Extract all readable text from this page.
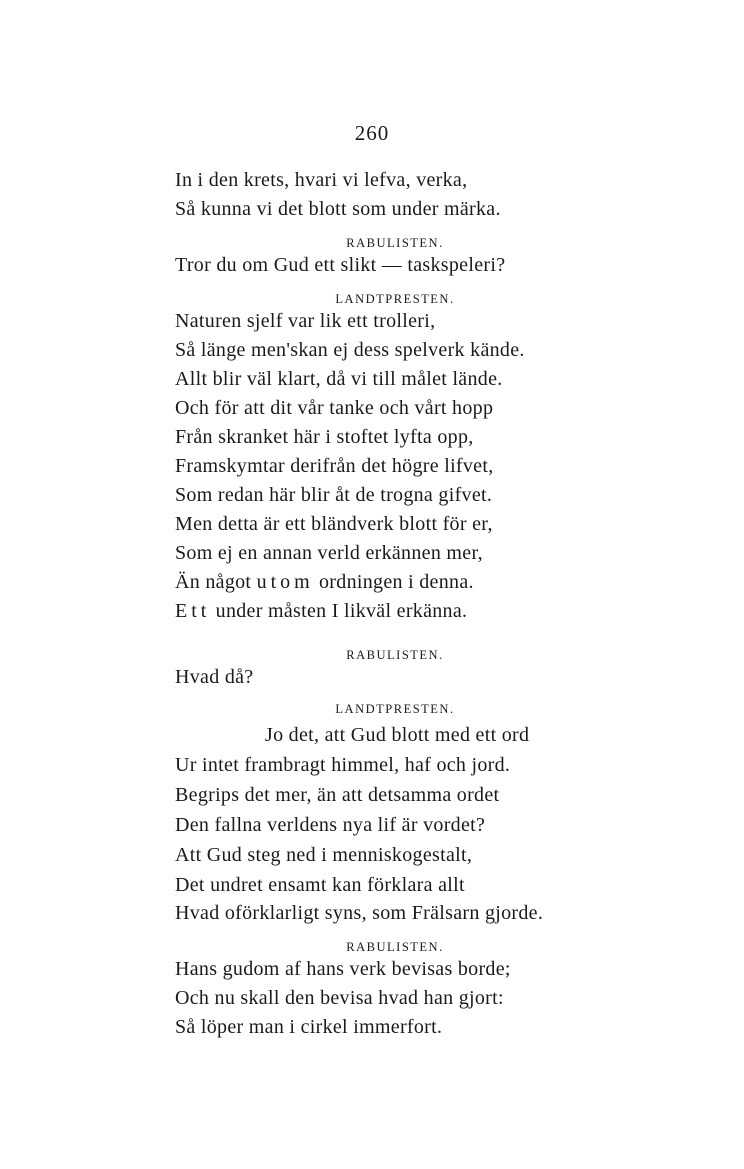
260
In i den krets, hvari vi lefva, verka,
Så kunna vi det blott som under märka.
RABULISTEN.
Tror du om Gud ett slikt — taskspeleri?
LANDTPRESTEN.
Naturen sjelf var lik ett trolleri,
Så länge men'skan ej dess spelverk kände.
Allt blir väl klart, då vi till målet lände.
Och för att dit vår tanke och vårt hopp
Från skranket här i stoftet lyfta opp,
Framskymtar derifrån det högre lifvet,
Som redan här blir åt de trogna gifvet.
Men detta är ett bländverk blott för er,
Som ej en annan verld erkännen mer,
Än något utom ordningen i denna.
Ett under måsten I likväl erkänna.
RABULISTEN.
Hvad då?
LANDTPRESTEN.
Jo det, att Gud blott med ett ord
Ur intet frambragt himmel, haf och jord.
Begrips det mer, än att detsamma ordet
Den fallna verldens nya lif är vordet?
Att Gud steg ned i menniskogestalt,
Det undret ensamt kan förklara allt
Hvad oförklarligt syns, som Frälsarn gjorde.
RABULISTEN.
Hans gudom af hans verk bevisas borde;
Och nu skall den bevisa hvad han gjort:
Så löper man i cirkel immerfort.
